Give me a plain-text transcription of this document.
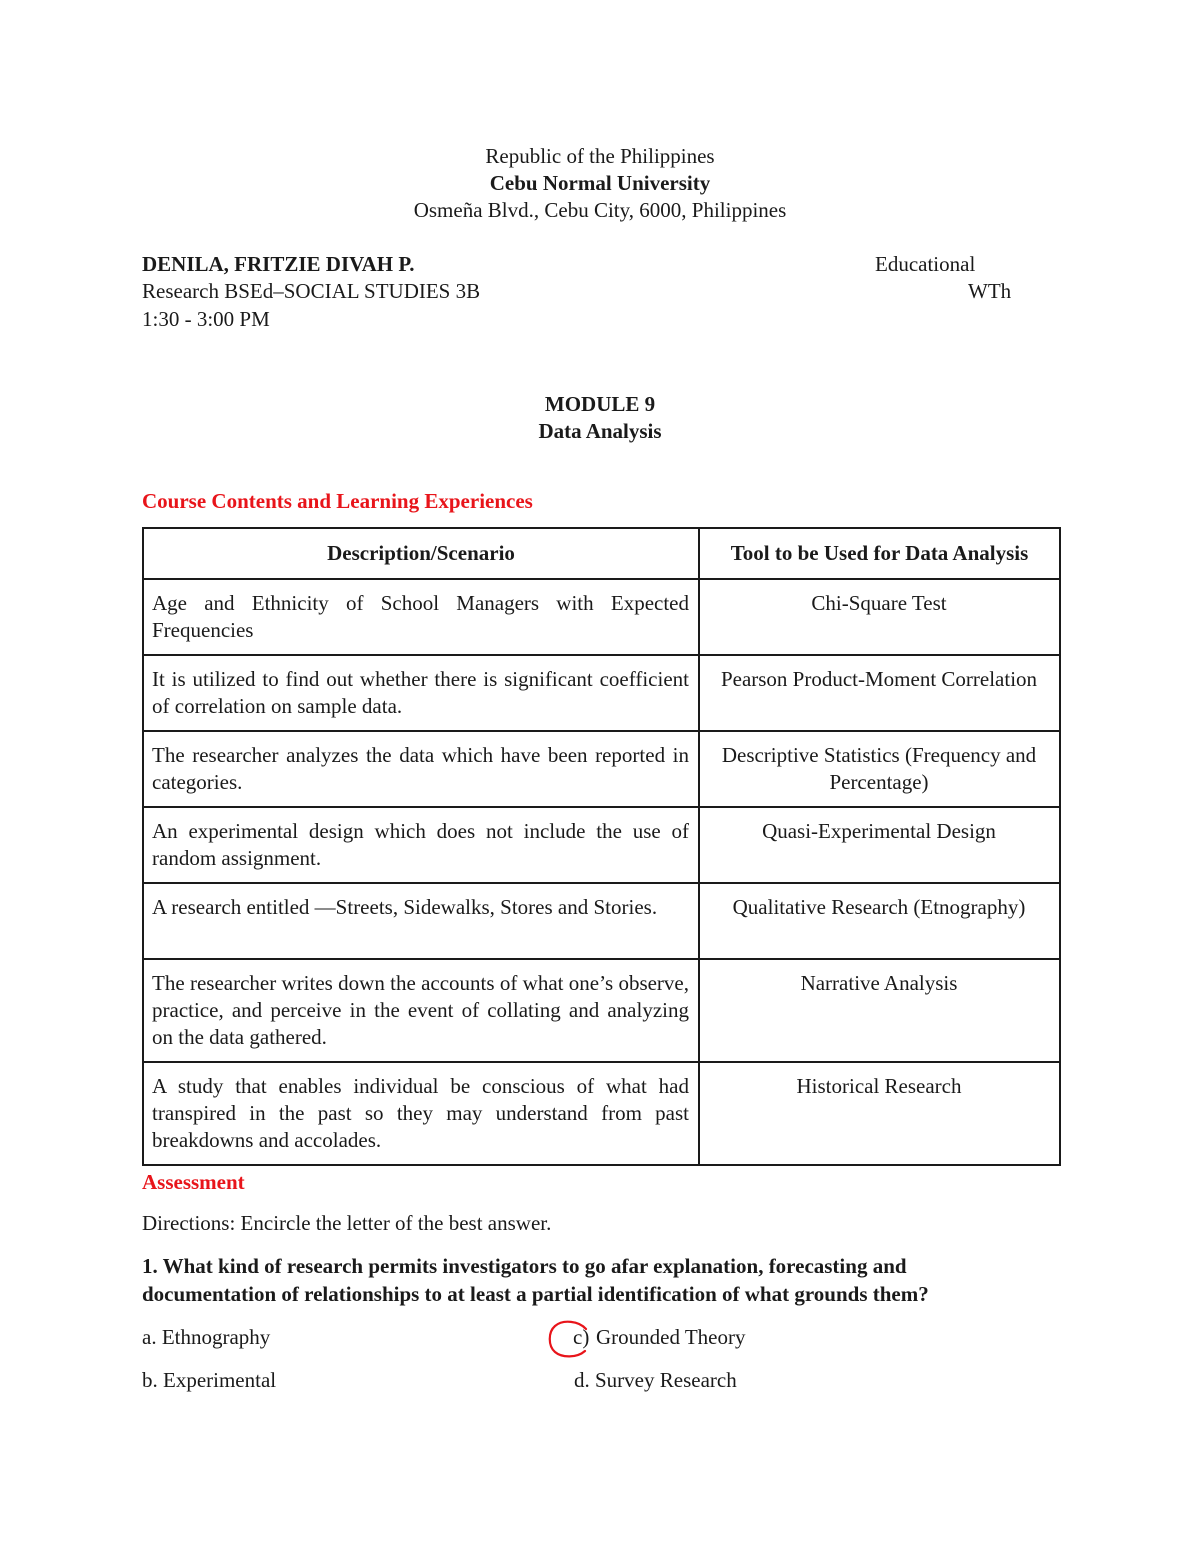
Republic of the Philippines
Cebu Normal University
Osmeña Blvd., Cebu City, 6000, Philippines
DENILA, FRITZIE DIVAH P.	Educational
Research BSEd–SOCIAL STUDIES 3B	WTh
1:30 - 3:00 PM
MODULE 9
Data Analysis
Course Contents and Learning Experiences
Description/Scenario	Tool to be Used for Data Analysis
Age and Ethnicity of School Managers with Expected Frequencies	Chi-Square Test
It is utilized to find out whether there is significant coefficient of correlation on sample data.	Pearson Product-Moment Correlation
The researcher analyzes the data which have been reported in categories.	Descriptive Statistics (Frequency and Percentage)
An experimental design which does not include the use of random assignment.	Quasi-Experimental Design
A research entitled ―Streets, Sidewalks, Stores and Stories.	Qualitative Research (Etnography)
The researcher writes down the accounts of what one’s observe, practice, and perceive in the event of collating and analyzing on the data gathered.	Narrative Analysis
A study that enables individual be conscious of what had transpired in the past so they may understand from past breakdowns and accolades.	Historical Research
Assessment
Directions: Encircle the letter of the best answer.
1. What kind of research permits investigators to go afar explanation, forecasting and
documentation of relationships to at least a partial identification of what grounds them?
a. Ethnography	c) Grounded Theory
b. Experimental	d. Survey Research
